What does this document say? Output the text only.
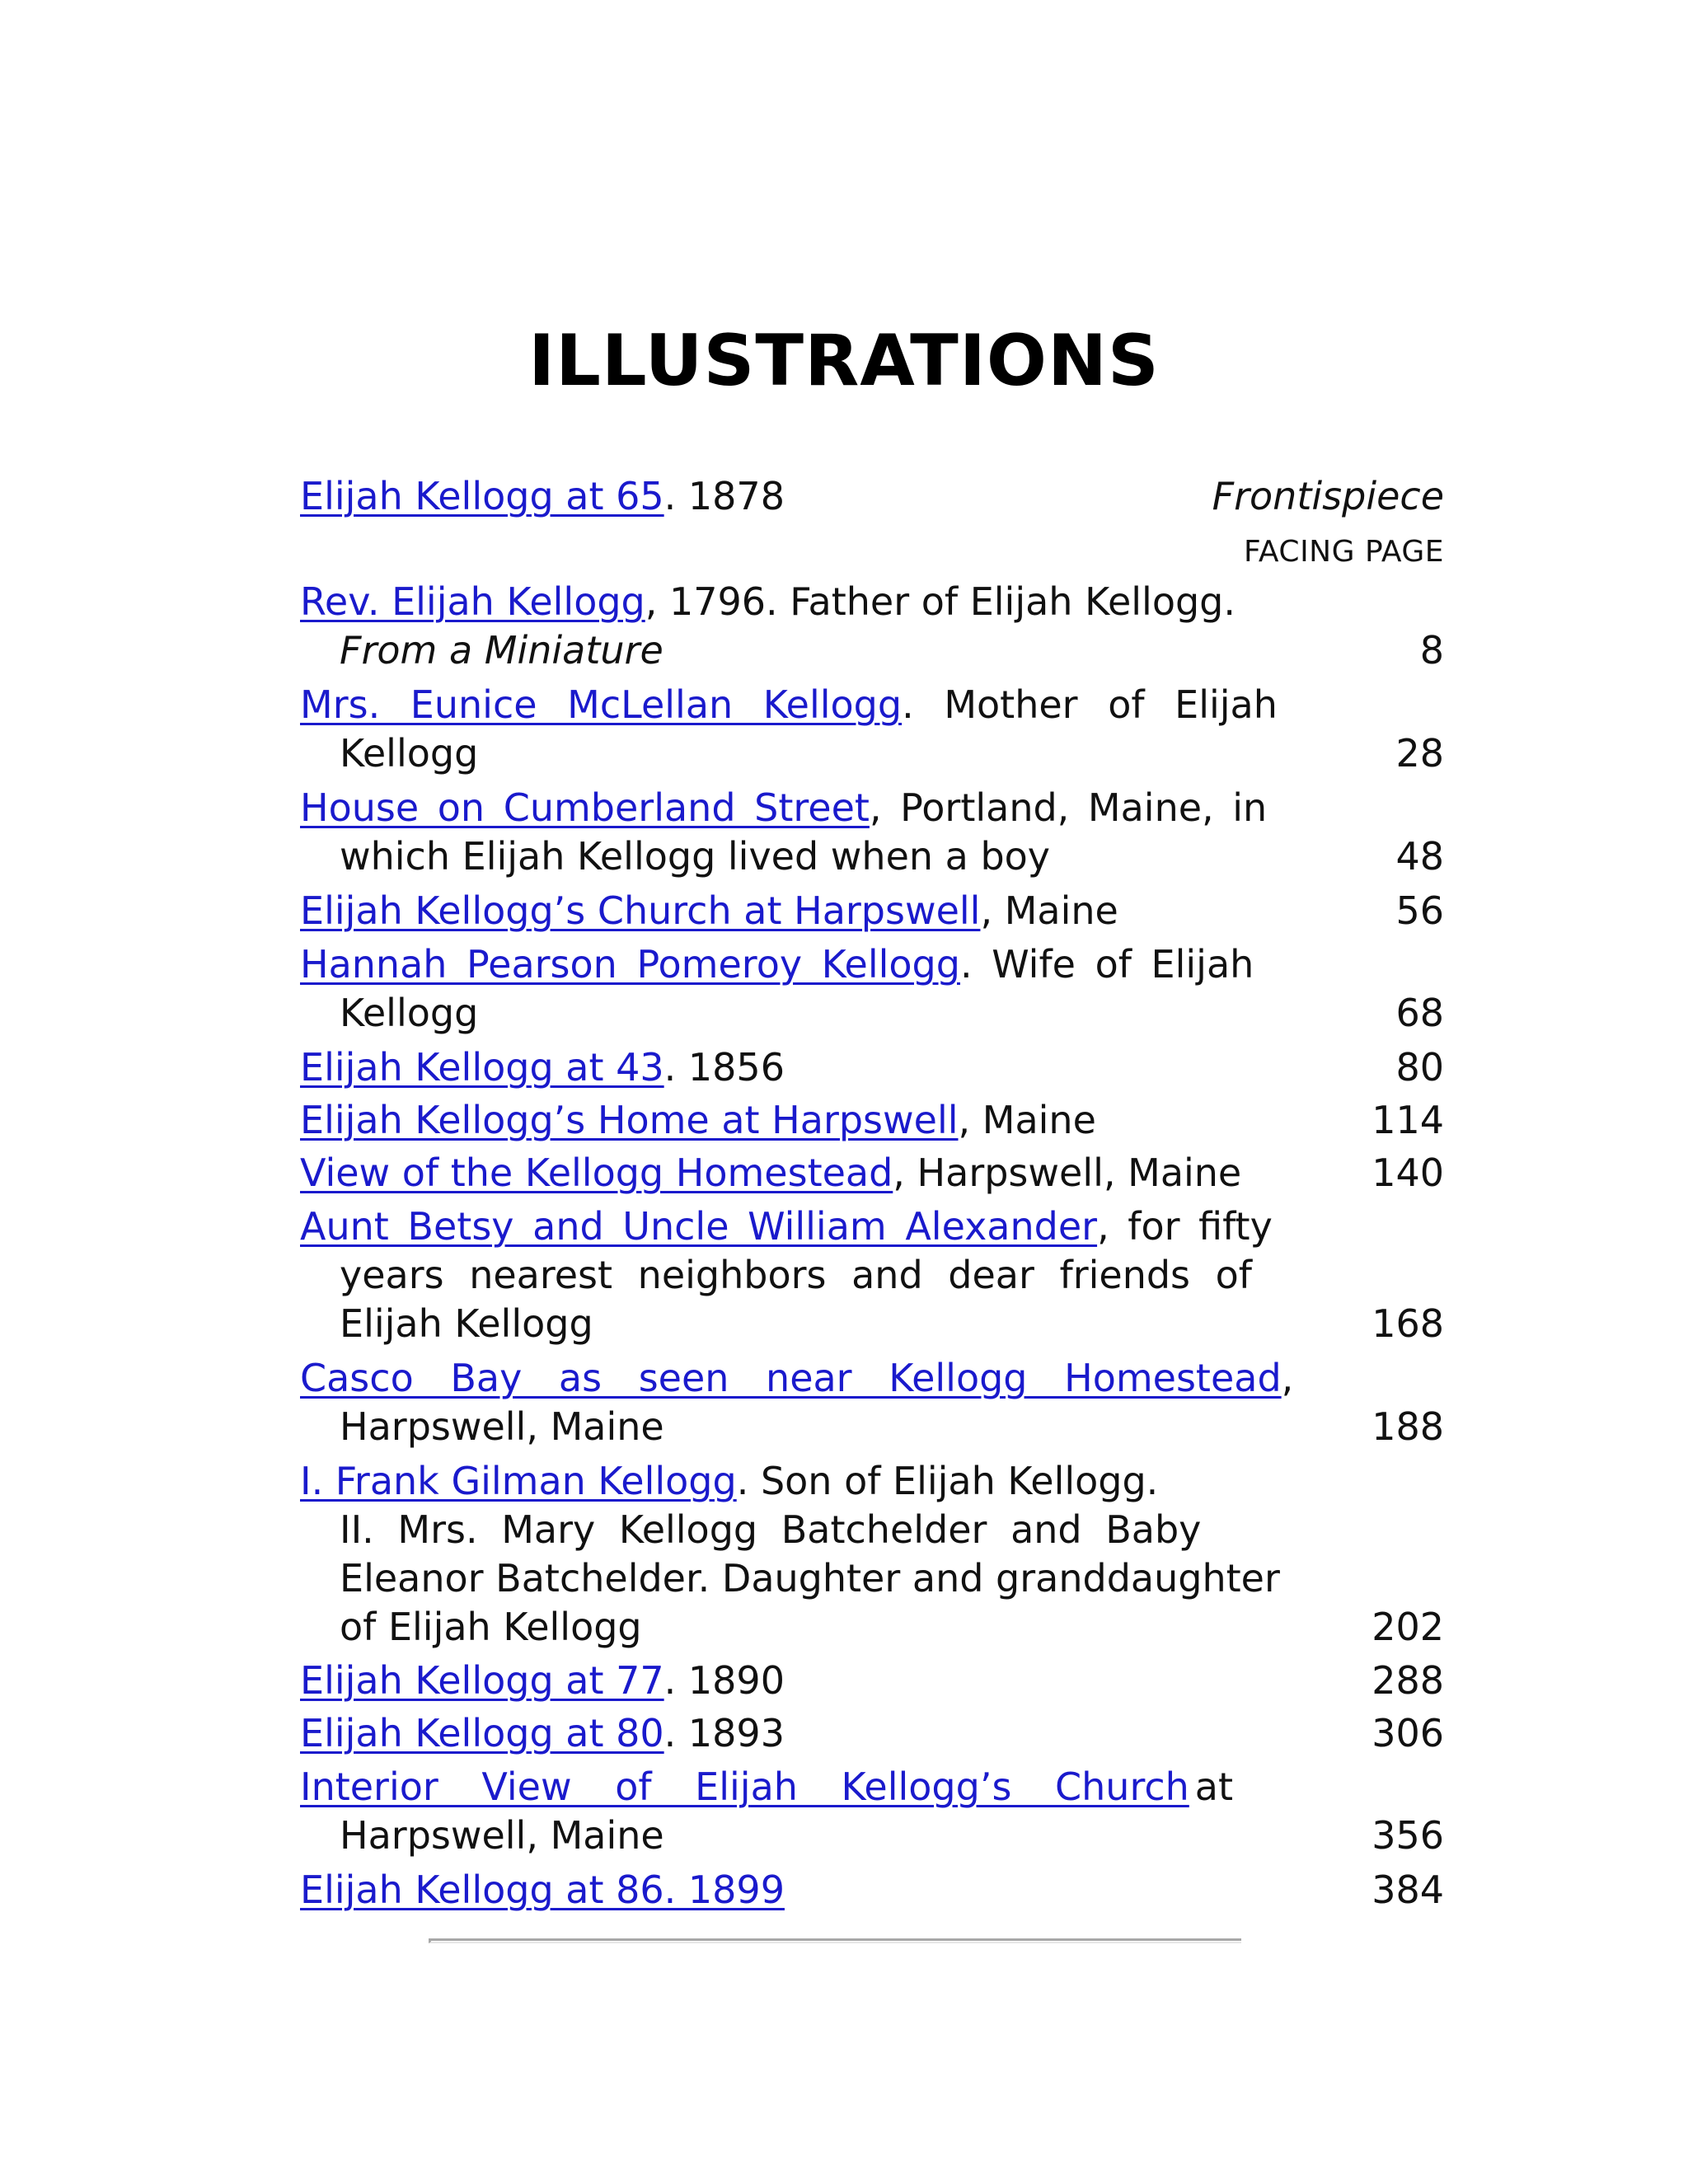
ILLUSTRATIONS
Elijah Kellogg at 65. 1878	Frontispiece
FACING PAGE
Rev. Elijah Kellogg, 1796. Father of Elijah Kellogg.
From a Miniature	8
Mrs. Eunice McLellan Kellogg. Mother of Elijah
Kellogg	28
House on Cumberland Street, Portland, Maine, in
which Elijah Kellogg lived when a boy	48
Elijah Kellogg’s Church at Harpswell, Maine	56
Hannah Pearson Pomeroy Kellogg. Wife of Elijah
Kellogg	68
Elijah Kellogg at 43. 1856	80
Elijah Kellogg’s Home at Harpswell, Maine	114
View of the Kellogg Homestead, Harpswell, Maine	140
Aunt Betsy and Uncle William Alexander, for fifty
years nearest neighbors and dear friends of
Elijah Kellogg	168
Casco Bay as seen near Kellogg Homestead,
Harpswell, Maine	188
I. Frank Gilman Kellogg. Son of Elijah Kellogg.
II. Mrs. Mary Kellogg Batchelder and Baby
Eleanor Batchelder. Daughter and granddaughter
of Elijah Kellogg	202
Elijah Kellogg at 77. 1890	288
Elijah Kellogg at 80. 1893	306
Interior View of Elijah Kellogg’s Church at
Harpswell, Maine	356
Elijah Kellogg at 86. 1899	384
